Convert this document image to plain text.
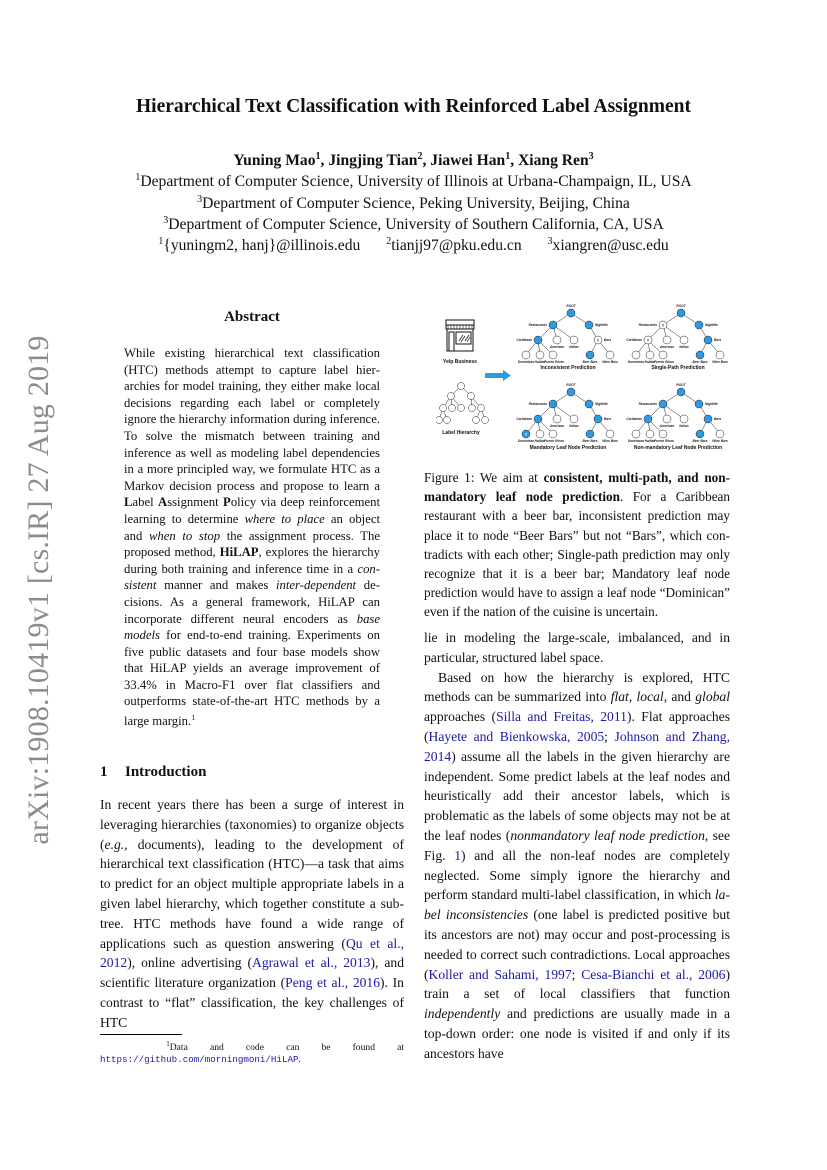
arXiv:1908.10419v1 [cs.IR] 27 Aug 2019
Hierarchical Text Classification with Reinforced Label Assignment
Yuning Mao$^1$, Jingjing Tian$^2$, Jiawei Han$^1$, Xiang Ren$^3$
$^1$Department of Computer Science, University of Illinois at Urbana-Champaign, IL, USA
$^3$Department of Computer Science, Peking University, Beijing, China
$^3$Department of Computer Science, University of Southern California, CA, USA
$^1${yuningm2, hanj}@illinois.edu	$^2$tianjj97@pku.edu.cn	$^3$xiangren@usc.edu
Abstract
While existing hierarchical text classification (HTC) methods attempt to capture label hierarchies for model training, they either make local decisions regarding each label or completely ignore the hierarchy information during inference. To solve the mismatch between training and inference as well as modeling label dependencies in a more principled way, we formulate HTC as a Markov decision process and propose to learn a Label Assignment Policy via deep reinforcement learning to determine where to place an object and when to stop the assignment process. The proposed method, HiLAP, explores the hierarchy during both training and inference time in a consistent manner and makes inter-dependent decisions. As a general framework, HiLAP can incorporate different neural encoders as base models for end-to-end training. Experiments on five public datasets and four base models show that HiLAP yields an average improvement of 33.4% in Macro-F1 over flat classifiers and outperforms state-of-the-art HTC methods by a large margin.$^1$
1 Introduction

In recent years there has been a surge of interest in leveraging hierarchies (taxonomies) to organize objects (e.g., documents), leading to the development of hierarchical text classification (HTC)—a task that aims to predict for an object multiple appropriate labels in a given label hierarchy, which together constitute a sub-tree. HTC methods have found a wide range of applications such as question answering (Qu et al., 2012), online advertising (Agrawal et al., 2013), and scientific literature organization (Peng et al., 2016). In contrast to “flat” classification, the key challenges of HTC

$^1$Data and code can be found at https://github.com/morningmoni/HiLAP.
Yelp Business
Label Hierarchy
X
ROOT
Restaurants	Nightlife
Caribbean
American Italian
Bars
Dominican Haitian
Puerto Rican	Beer Bars Wine Bars
Inconsistent Prediction
X
X
ROOT
Restaurants	Nightlife
Caribbean
American Italian
Bars
Dominican Haitian
Puerto Rican	Beer Bars Wine Bars
Single-Path Prediction
X
ROOT
Restaurants	Nightlife
Caribbean
American Italian
Bars
Dominican Haitian
Puerto Rican	Beer Bars Wine Bars
Mandatory Leaf Node Prediction
ROOT
Restaurants	Nightlife
Caribbean
American Italian
Bars
Dominican Haitian
Puerto Rican	Beer Bars Wine Bars
Non-mandatory Leaf Node Prediction
Figure 1: We aim at consistent, multi-path, and nonmandatory leaf node prediction. For a Caribbean restaurant with a beer bar, inconsistent prediction may place it to node “Beer Bars” but not “Bars”, which contradicts with each other; Single-path prediction may only recognize that it is a beer bar; Mandatory leaf node prediction would have to assign a leaf node “Dominican” even if the nation of the cuisine is uncertain.

lie in modeling the large-scale, imbalanced, and in particular, structured label space.

Based on how the hierarchy is explored, HTC methods can be summarized into flat, local, and global approaches (Silla and Freitas, 2011). Flat approaches (Hayete and Bienkowska, 2005; Johnson and Zhang, 2014) assume all the labels in the given hierarchy are independent. Some predict labels at the leaf nodes and heuristically add their ancestor labels, which is problematic as the labels of some objects may not be at the leaf nodes (nonmandatory leaf node prediction, see Fig. 1) and all the non-leaf nodes are completely neglected. Some simply ignore the hierarchy and perform standard multi-label classification, in which label inconsistencies (one label is predicted positive but its ancestors are not) may occur and post-processing is needed to correct such contradictions. Local approaches (Koller and Sahami, 1997; Cesa-Bianchi et al., 2006) train a set of local classifiers that function independently and predictions are usually made in a top-down order: one node is visited if and only if its ancestors have
